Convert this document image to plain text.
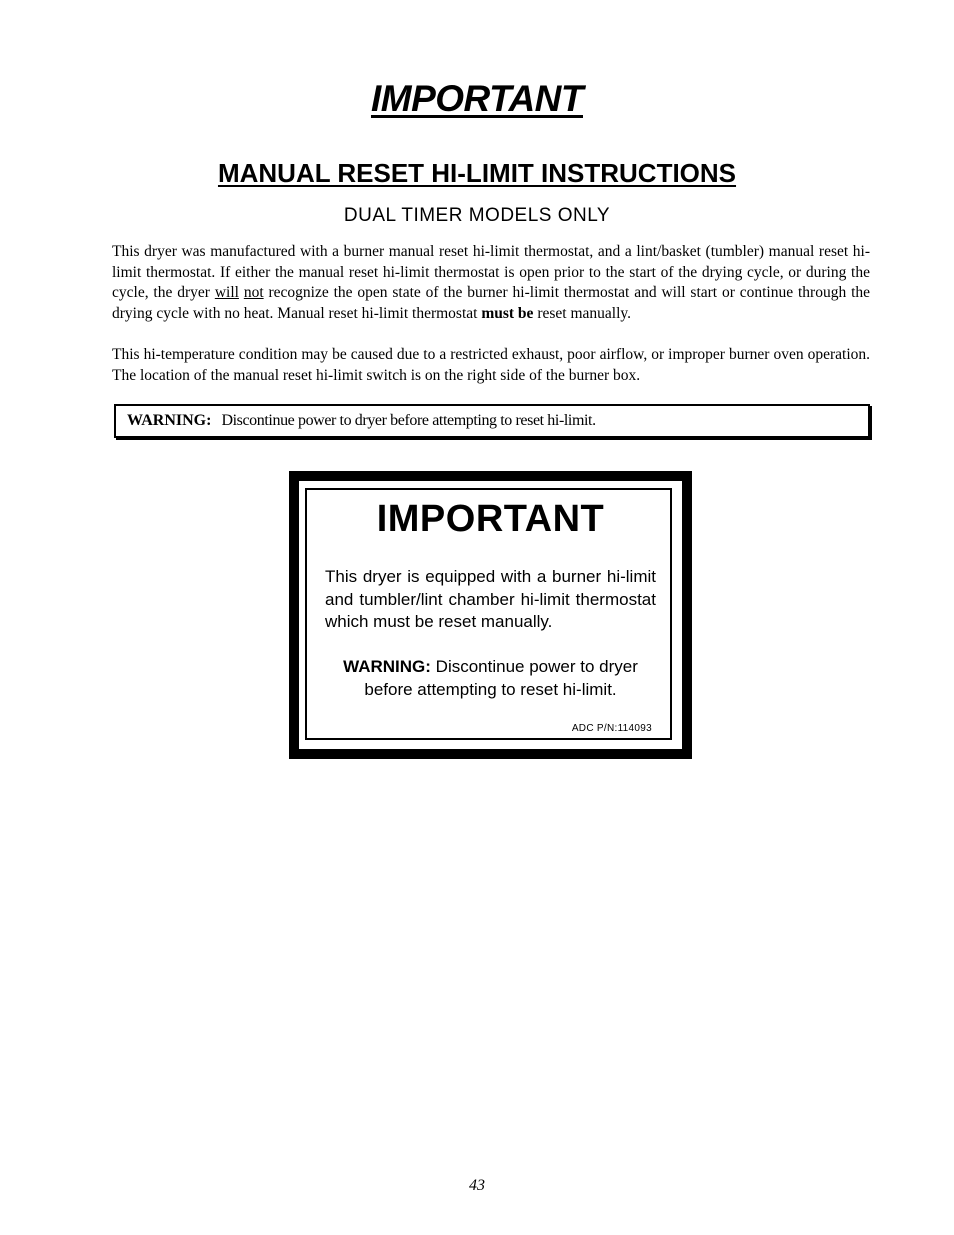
IMPORTANT
MANUAL RESET HI-LIMIT INSTRUCTIONS
DUAL TIMER MODELS ONLY

This dryer was manufactured with a burner manual reset hi-limit thermostat, and a lint/basket (tumbler) manual reset hi-limit thermostat. If either the manual reset hi-limit thermostat is open prior to the start of the drying cycle, or during the cycle, the dryer will not recognize the open state of the burner hi-limit thermostat and will start or continue through the drying cycle with no heat. Manual reset hi-limit thermostat must be reset manually.

This hi-temperature condition may be caused due to a restricted exhaust, poor airflow, or improper burner oven operation. The location of the manual reset hi-limit switch is on the right side of the burner box.

WARNING: Discontinue power to dryer before attempting to reset hi-limit.
IMPORTANT

This dryer is equipped with a burner hi-limit and tumbler/lint chamber hi-limit thermostat which must be reset manually.

WARNING: Discontinue power to dryer before attempting to reset hi-limit.

ADC P/N:114093
43
